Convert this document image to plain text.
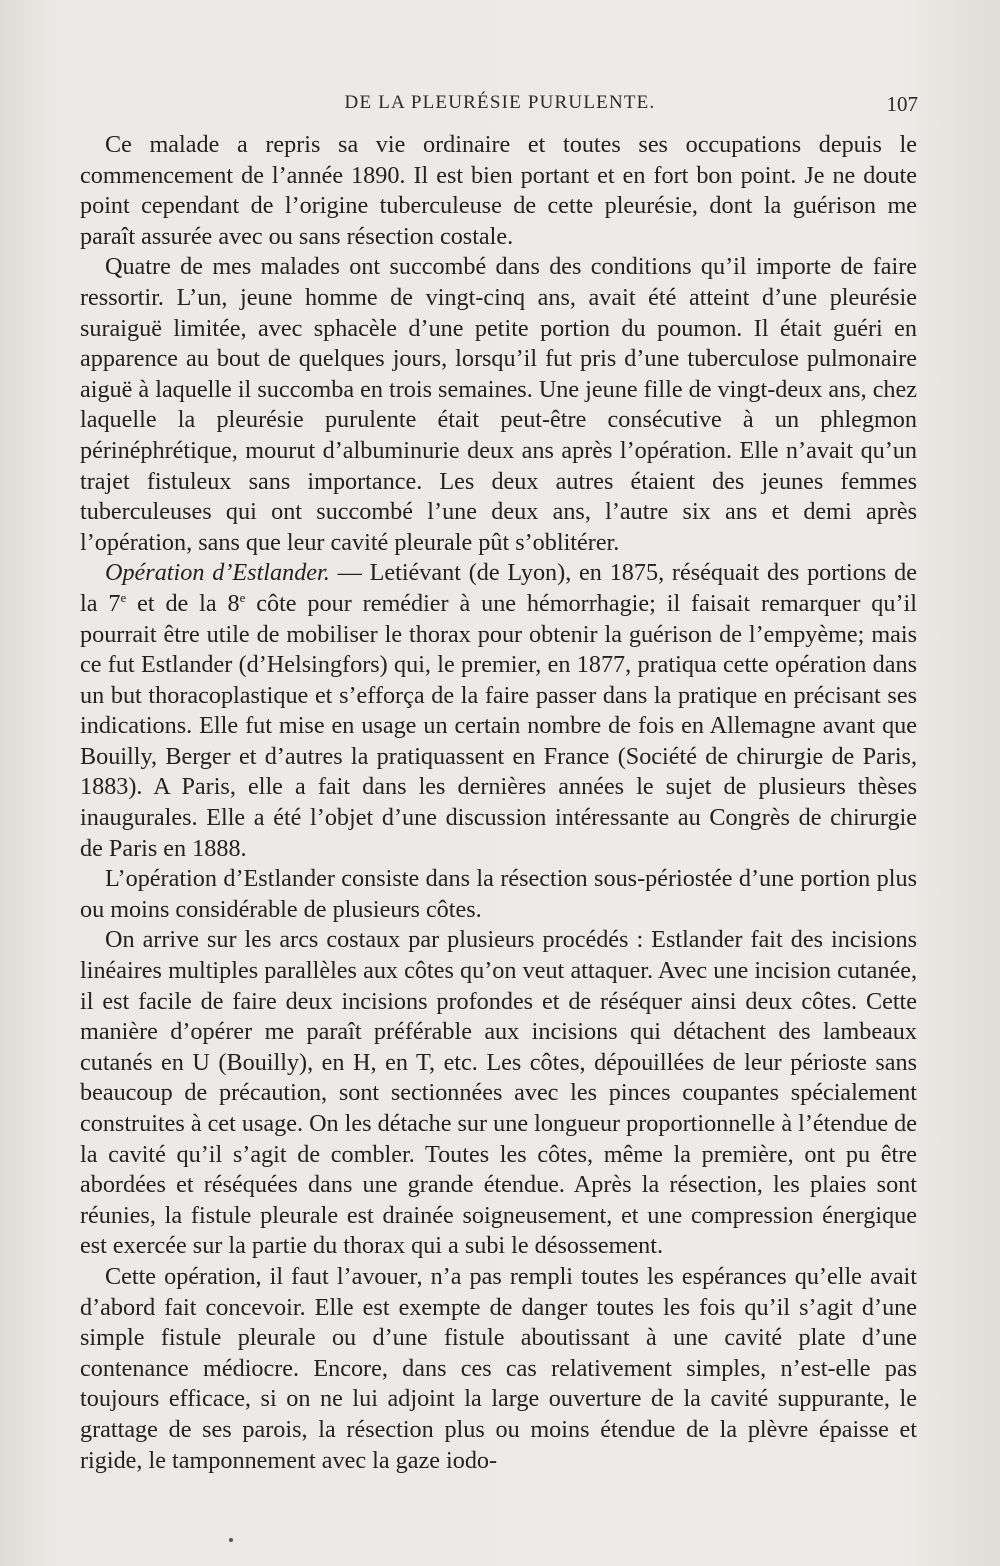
DE LA PLEURÉSIE PURULENTE.	107

Ce malade a repris sa vie ordinaire et toutes ses occupations depuis le commencement de l’année 1890. Il est bien portant et en fort bon point. Je ne doute point cependant de l’origine tuberculeuse de cette pleurésie, dont la guérison me paraît assurée avec ou sans résection costale.

Quatre de mes malades ont succombé dans des conditions qu’il importe de faire ressortir. L’un, jeune homme de vingt-cinq ans, avait été atteint d’une pleurésie suraiguë limitée, avec sphacèle d’une petite portion du poumon. Il était guéri en apparence au bout de quelques jours, lorsqu’il fut pris d’une tuberculose pulmonaire aiguë à laquelle il succomba en trois semaines. Une jeune fille de vingt-deux ans, chez laquelle la pleurésie purulente était peut-être consécutive à un phlegmon périnéphrétique, mourut d’albuminurie deux ans après l’opération. Elle n’avait qu’un trajet fistuleux sans importance. Les deux autres étaient des jeunes femmes tuberculeuses qui ont succombé l’une deux ans, l’autre six ans et demi après l’opération, sans que leur cavité pleurale pût s’oblitérer.

Opération d’Estlander. — Letiévant (de Lyon), en 1875, réséquait des portions de la 7e et de la 8e côte pour remédier à une hémorrhagie; il faisait remarquer qu’il pourrait être utile de mobiliser le thorax pour obtenir la guérison de l’empyème; mais ce fut Estlander (d’Helsingfors) qui, le premier, en 1877, pratiqua cette opération dans un but thoracoplastique et s’efforça de la faire passer dans la pratique en précisant ses indications. Elle fut mise en usage un certain nombre de fois en Allemagne avant que Bouilly, Berger et d’autres la pratiquassent en France (Société de chirurgie de Paris, 1883). A Paris, elle a fait dans les dernières années le sujet de plusieurs thèses inaugurales. Elle a été l’objet d’une discussion intéressante au Congrès de chirurgie de Paris en 1888.

L’opération d’Estlander consiste dans la résection sous-périostée d’une portion plus ou moins considérable de plusieurs côtes.

On arrive sur les arcs costaux par plusieurs procédés : Estlander fait des incisions linéaires multiples parallèles aux côtes qu’on veut attaquer. Avec une incision cutanée, il est facile de faire deux incisions profondes et de réséquer ainsi deux côtes. Cette manière d’opérer me paraît préférable aux incisions qui détachent des lambeaux cutanés en U (Bouilly), en H, en T, etc. Les côtes, dépouillées de leur périoste sans beaucoup de précaution, sont sectionnées avec les pinces coupantes spécialement construites à cet usage. On les détache sur une longueur proportionnelle à l’étendue de la cavité qu’il s’agit de combler. Toutes les côtes, même la première, ont pu être abordées et réséquées dans une grande étendue. Après la résection, les plaies sont réunies, la fistule pleurale est drainée soigneusement, et une compression énergique est exercée sur la partie du thorax qui a subi le désossement.

Cette opération, il faut l’avouer, n’a pas rempli toutes les espérances qu’elle avait d’abord fait concevoir. Elle est exempte de danger toutes les fois qu’il s’agit d’une simple fistule pleurale ou d’une fistule aboutissant à une cavité plate d’une contenance médiocre. Encore, dans ces cas relativement simples, n’est-elle pas toujours efficace, si on ne lui adjoint la large ouverture de la cavité suppurante, le grattage de ses parois, la résection plus ou moins étendue de la plèvre épaisse et rigide, le tamponnement avec la gaze iodo-
